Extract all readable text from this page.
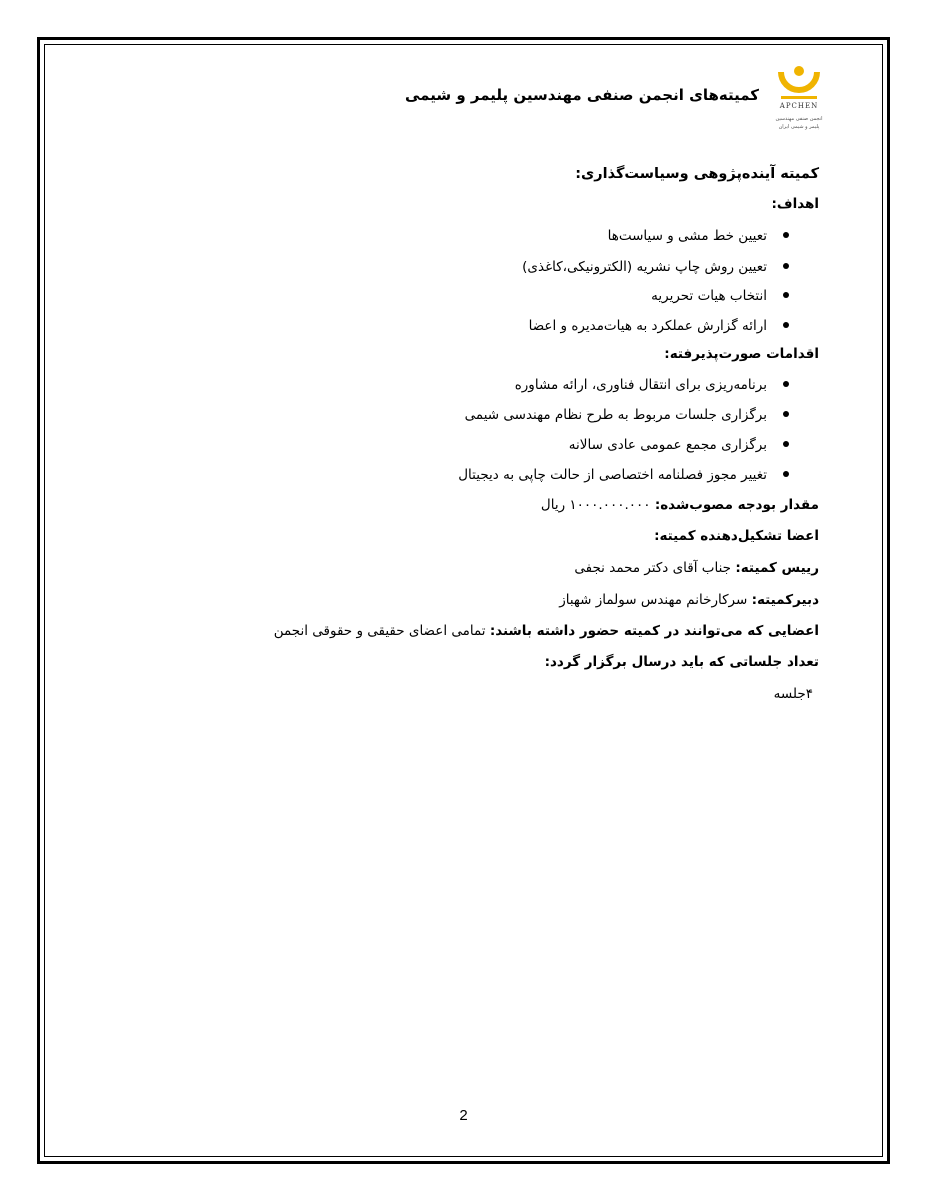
APCHEN
انجمن صنفی مهندسین
پلیمر و شیمی ایران
کمیته‌های انجمن صنفی مهندسین پلیمر و شیمی
کمیته آینده‌پژوهی وسیاست‌گذاری:
اهداف:
تعیین خط مشی و سیاست‌ها
تعیین روش چاپ نشریه (الکترونیکی،کاغذی)
انتخاب هیات تحریریه
ارائه گزارش عملکرد به هیات‌مدیره و اعضا
اقدامات صورت‌پذیرفته:
برنامه‌ریزی برای انتقال فناوری، ارائه مشاوره
برگزاری جلسات مربوط به طرح نظام مهندسی شیمی
برگزاری مجمع عمومی عادی سالانه
تغییر مجوز فصلنامه اختصاصی از حالت چاپی به دیجیتال
مقدار بودجه مصوب‌شده: ۱۰۰۰.۰۰۰.۰۰۰ ریال
اعضا تشکیل‌دهنده کمیته:
رییس کمیته: جناب آقای دکتر محمد نجفی
دبیرکمیته: سرکارخانم مهندس سولماز شهباز
اعضایی که می‌توانند در کمیته حضور داشته باشند: تمامی اعضای حقیقی و حقوقی انجمن
تعداد جلساتی که باید درسال برگزار گردد:
۴جلسه
2
